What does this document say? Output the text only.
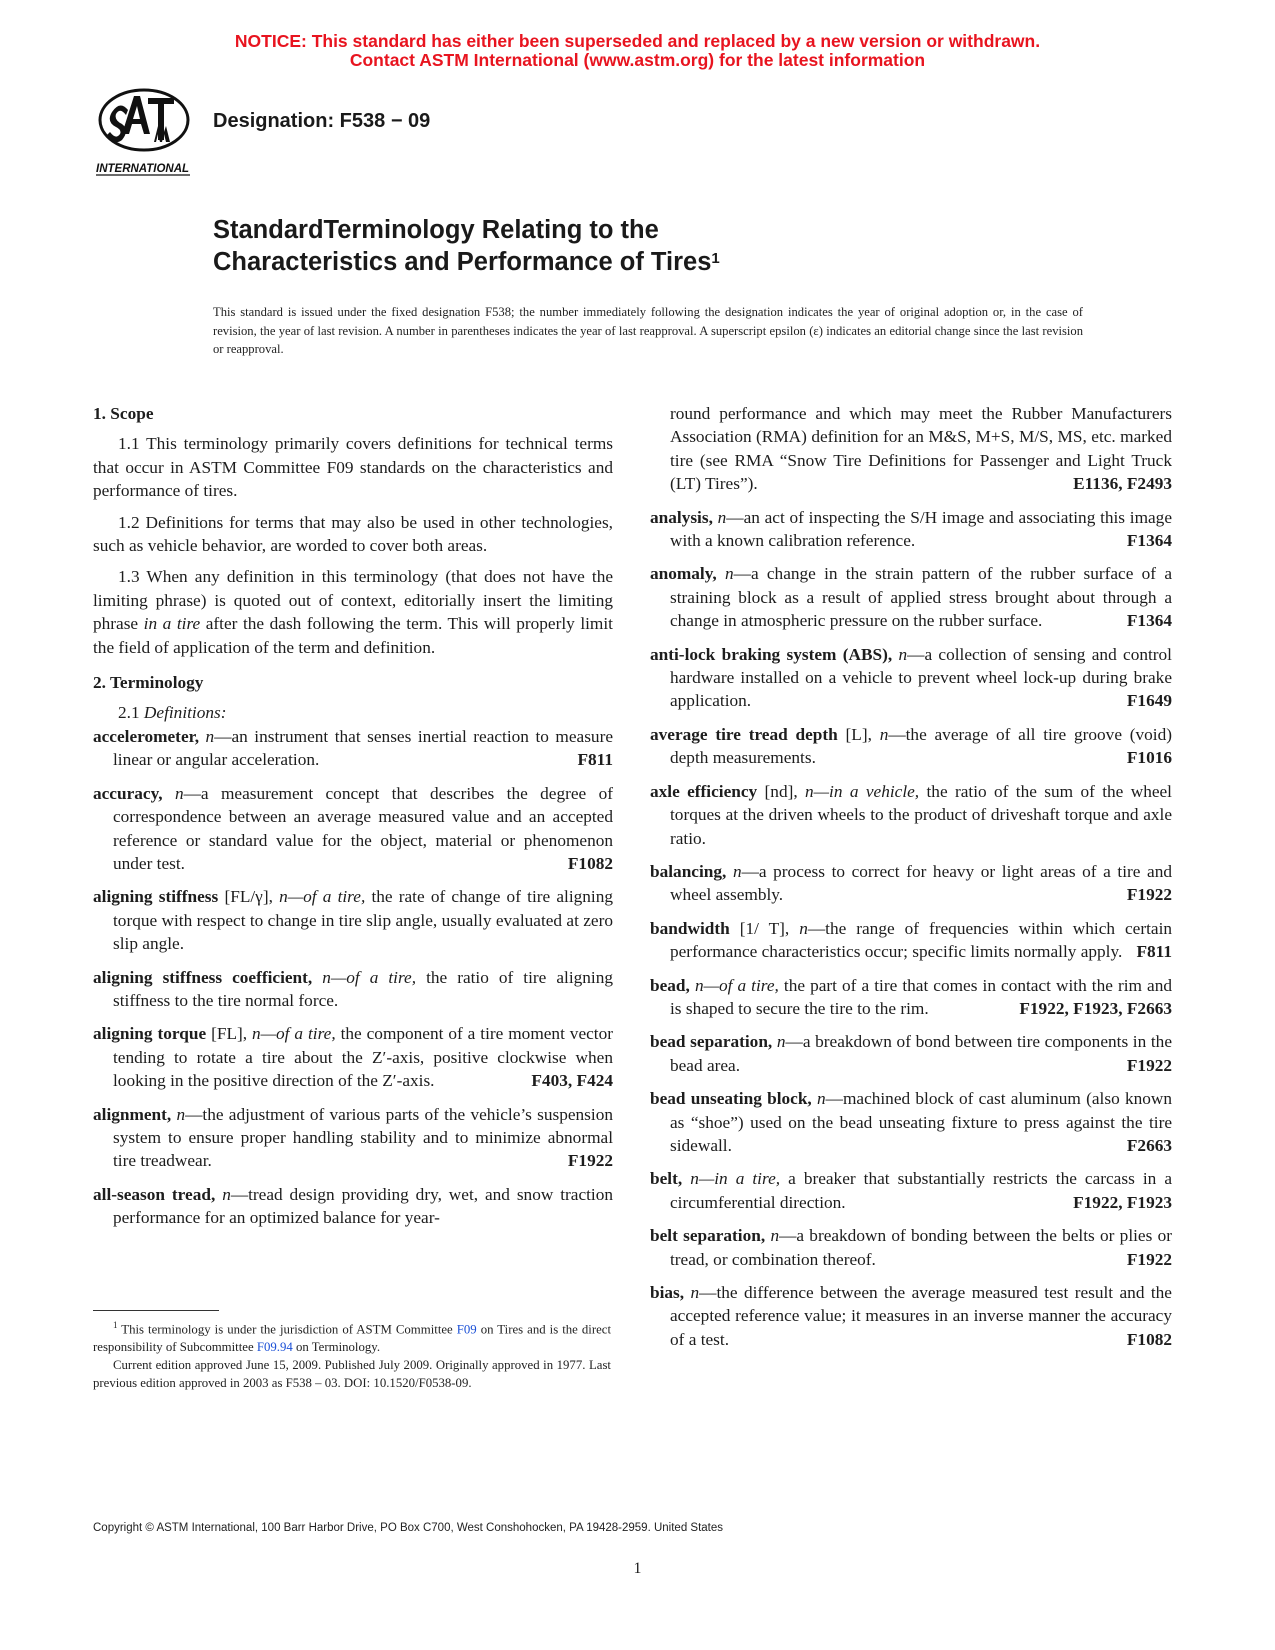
NOTICE: This standard has either been superseded and replaced by a new version or withdrawn.
Contact ASTM International (www.astm.org) for the latest information
INTERNATIONAL
Designation: F538 − 09
StandardTerminology Relating to the
Characteristics and Performance of Tires$^1$
This standard is issued under the fixed designation F538; the number immediately following the designation indicates the year of original adoption or, in the case of revision, the year of last revision. A number in parentheses indicates the year of last reapproval. A superscript epsilon (ε) indicates an editorial change since the last revision or reapproval.
1. Scope

1.1 This terminology primarily covers definitions for technical terms that occur in ASTM Committee F09 standards on the characteristics and performance of tires.

1.2 Definitions for terms that may also be used in other technologies, such as vehicle behavior, are worded to cover both areas.

1.3 When any definition in this terminology (that does not have the limiting phrase) is quoted out of context, editorially insert the limiting phrase in a tire after the dash following the term. This will properly limit the field of application of the term and definition.

2. Terminology

2.1 Definitions:

accelerometer, n—an instrument that senses inertial reaction to measure linear or angular acceleration.	F811

accuracy, n—a measurement concept that describes the degree of correspondence between an average measured value and an accepted reference or standard value for the object, material or phenomenon under test.	F1082

aligning stiffness [FL/γ], n—of a tire, the rate of change of tire aligning torque with respect to change in tire slip angle, usually evaluated at zero slip angle.

aligning stiffness coefficient, n—of a tire, the ratio of tire aligning stiffness to the tire normal force.

aligning torque [FL], n—of a tire, the component of a tire moment vector tending to rotate a tire about the Z′-axis, positive clockwise when looking in the positive direction of the Z′-axis.	F403, F424

alignment, n—the adjustment of various parts of the vehicle’s suspension system to ensure proper handling stability and to minimize abnormal tire treadwear.	F1922

all-season tread, n—tread design providing dry, wet, and snow traction performance for an optimized balance for year-

round performance and which may meet the Rubber Manufacturers Association (RMA) definition for an M&S, M+S, M/S, MS, etc. marked tire (see RMA “Snow Tire Definitions for Passenger and Light Truck (LT) Tires”).	E1136, F2493

analysis, n—an act of inspecting the S/H image and associating this image with a known calibration reference.	F1364

anomaly, n—a change in the strain pattern of the rubber surface of a straining block as a result of applied stress brought about through a change in atmospheric pressure on the rubber surface.	F1364

anti-lock braking system (ABS), n—a collection of sensing and control hardware installed on a vehicle to prevent wheel lock-up during brake application.	F1649

average tire tread depth [L], n—the average of all tire groove (void) depth measurements.	F1016

axle efficiency [nd], n—in a vehicle, the ratio of the sum of the wheel torques at the driven wheels to the product of driveshaft torque and axle ratio.

balancing, n—a process to correct for heavy or light areas of a tire and wheel assembly.	F1922

bandwidth [1/ T], n—the range of frequencies within which certain performance characteristics occur; specific limits normally apply. F811

bead, n—of a tire, the part of a tire that comes in contact with the rim and is shaped to secure the tire to the rim.	F1922, F1923, F2663

bead separation, n—a breakdown of bond between tire components in the bead area.	F1922

bead unseating block, n—machined block of cast aluminum (also known as “shoe”) used on the bead unseating fixture to press against the tire sidewall.	F2663

belt, n—in a tire, a breaker that substantially restricts the carcass in a circumferential direction.	F1922, F1923

belt separation, n—a breakdown of bonding between the belts or plies or tread, or combination thereof.	F1922

bias, n—the difference between the average measured test result and the accepted reference value; it measures in an inverse manner the accuracy of a test.	F1082

$^1$ This terminology is under the jurisdiction of ASTM Committee F09 on Tires and is the direct responsibility of Subcommittee F09.94 on Terminology.

Current edition approved June 15, 2009. Published July 2009. Originally approved in 1977. Last previous edition approved in 2003 as F538 – 03. DOI: 10.1520/F0538-09.

Copyright © ASTM International, 100 Barr Harbor Drive, PO Box C700, West Conshohocken, PA 19428-2959. United States
1
